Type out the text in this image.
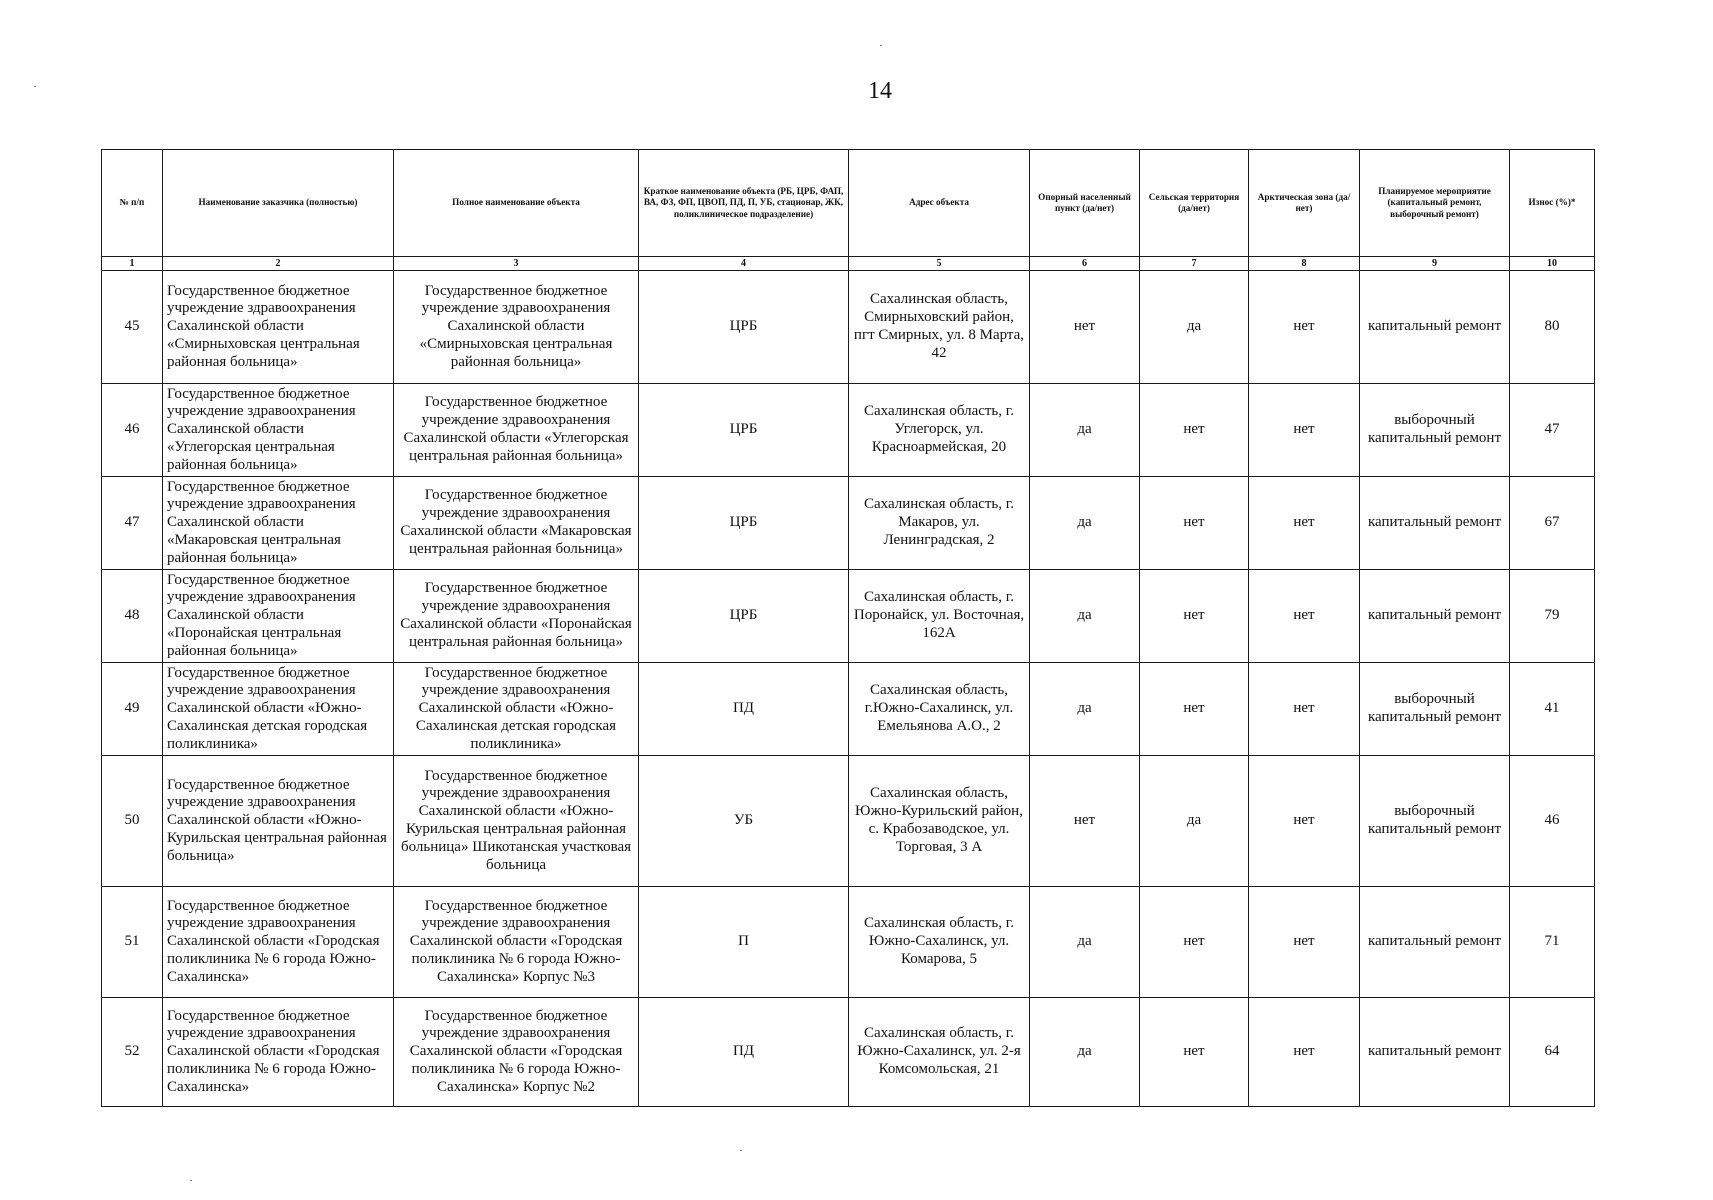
14
№ п/п	Наименование заказчика (полностью)	Полное наименование объекта	Краткое наименование объекта (РБ, ЦРБ, ФАП, ВА, ФЗ, ФП, ЦВОП, ПД, П, УБ, стационар, ЖК, поликлиническое подразделение)	Адрес объекта	Опорный населенный пункт (да/нет)	Сельская территория (да/нет)	Арктическая зона (да/нет)	Планируемое мероприятие (капитальный ремонт, выборочный ремонт)	Износ (%)*
1	2	3	4	5	6	7	8	9	10
45	Государственное бюджетное учреждение здравоохранения Сахалинской области «Смирныховская центральная районная больница»	Государственное бюджетное учреждение здравоохранения Сахалинской области «Смирныховская центральная районная больница»	ЦРБ	Сахалинская область, Смирныховский район, пгт Смирных, ул. 8 Марта, 42	нет	да	нет	капитальный ремонт	80
46	Государственное бюджетное учреждение здравоохранения Сахалинской области «Углегорская центральная районная больница»	Государственное бюджетное учреждение здравоохранения Сахалинской области «Углегорская центральная районная больница»	ЦРБ	Сахалинская область, г. Углегорск, ул. Красноармейская, 20	да	нет	нет	выборочный капитальный ремонт	47
47	Государственное бюджетное учреждение здравоохранения Сахалинской области «Макаровская центральная районная больница»	Государственное бюджетное учреждение здравоохранения Сахалинской области «Макаровская центральная районная больница»	ЦРБ	Сахалинская область, г. Макаров, ул. Ленинградская, 2	да	нет	нет	капитальный ремонт	67
48	Государственное бюджетное учреждение здравоохранения Сахалинской области «Поронайская центральная районная больница»	Государственное бюджетное учреждение здравоохранения Сахалинской области «Поронайская центральная районная больница»	ЦРБ	Сахалинская область, г. Поронайск, ул. Восточная, 162А	да	нет	нет	капитальный ремонт	79
49	Государственное бюджетное учреждение здравоохранения Сахалинской области «Южно-Сахалинская детская городская поликлиника»	Государственное бюджетное учреждение здравоохранения Сахалинской области «Южно-Сахалинская детская городская поликлиника»	ПД	Сахалинская область, г.Южно-Сахалинск, ул. Емельянова А.О., 2	да	нет	нет	выборочный капитальный ремонт	41
50	Государственное бюджетное учреждение здравоохранения Сахалинской области «Южно-Курильская центральная районная больница»	Государственное бюджетное учреждение здравоохранения Сахалинской области «Южно-Курильская центральная районная больница» Шикотанская участковая больница	УБ	Сахалинская область, Южно-Курильский район, с. Крабозаводское, ул. Торговая, 3 А	нет	да	нет	выборочный капитальный ремонт	46
51	Государственное бюджетное учреждение здравоохранения Сахалинской области «Городская поликлиника № 6 города Южно-Сахалинска»	Государственное бюджетное учреждение здравоохранения Сахалинской области «Городская поликлиника № 6 города Южно-Сахалинска» Корпус №3	П	Сахалинская область, г. Южно-Сахалинск, ул. Комарова, 5	да	нет	нет	капитальный ремонт	71
52	Государственное бюджетное учреждение здравоохранения Сахалинской области «Городская поликлиника № 6 города Южно-Сахалинска»	Государственное бюджетное учреждение здравоохранения Сахалинской области «Городская поликлиника № 6 города Южно-Сахалинска» Корпус №2	ПД	Сахалинская область, г. Южно-Сахалинск, ул. 2-я Комсомольская, 21	да	нет	нет	капитальный ремонт	64
